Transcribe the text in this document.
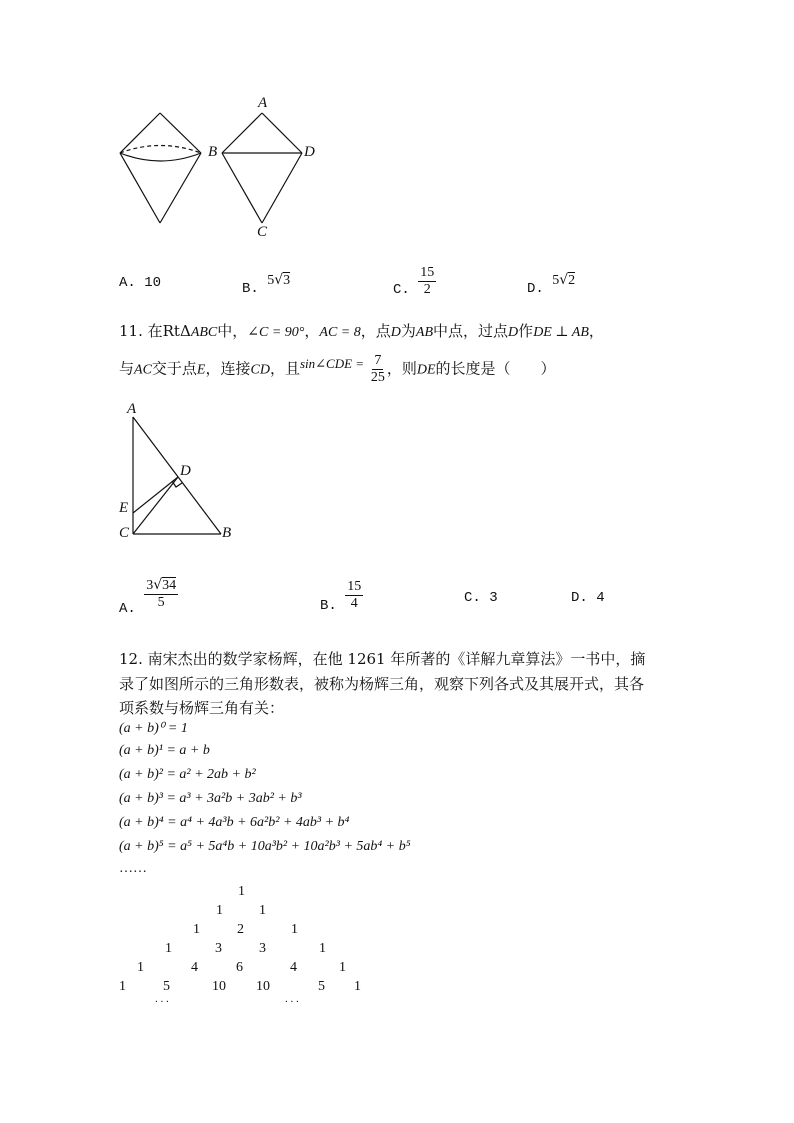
A
B	D
C
A. 10	B. 5√3
C. $\frac{15}{2}$	D. 5√2
11. 在RtΔABC中，∠C = 90°，AC = 8，点D为AB中点，过点D作DE ⊥ AB，
与AC交于点E，连接CD，且sin∠CDE = $\frac{7}{25}$ ，则DE的长度是（　　）
A
D
E
C	B
A. $\frac{3√34}{5}$	B. $\frac{15}{4}$	C. 3	D. 4
12. 南宋杰出的数学家杨辉，在他 1261 年所著的《详解九章算法》一书中，摘
录了如图所示的三角形数表，被称为杨辉三角，观察下列各式及其展开式，其各
项系数与杨辉三角有关：
(a + b)⁰ = 1
(a + b)¹ = a + b
(a + b)² = a² + 2ab + b²
(a + b)³ = a³ + 3a²b + 3ab² + b³
(a + b)⁴ = a⁴ + 4a³b + 6a²b² + 4ab³ + b⁴
(a + b)⁵ = a⁵ + 5a⁴b + 10a³b² + 10a²b³ + 5ab⁴ + b⁵
……
1
1	1
1	2	1
1	3	3	1
1	4	6	4	1
1	5	10 10	5 1
. . .	. . .
